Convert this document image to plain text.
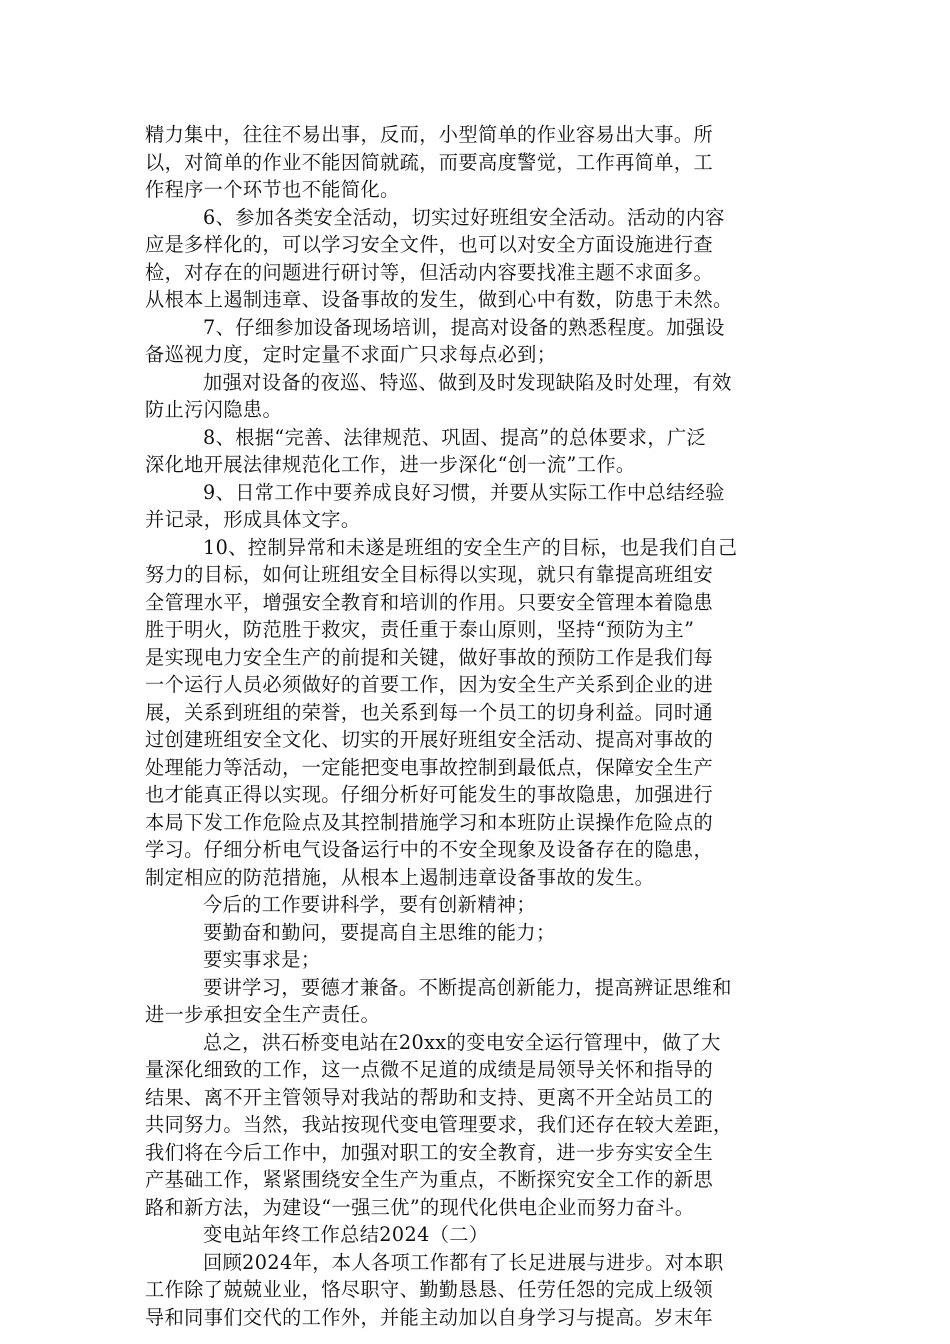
精力集中，往往不易出事，反而，小型简单的作业容易出大事。所
以，对简单的作业不能因简就疏，而要高度警觉，工作再简单，工
作程序一个环节也不能简化。
6、参加各类安全活动，切实过好班组安全活动。活动的内容
应是多样化的，可以学习安全文件，也可以对安全方面设施进行查
检，对存在的问题进行研讨等，但活动内容要找准主题不求面多。
从根本上遏制违章、设备事故的发生，做到心中有数，防患于未然。
7、仔细参加设备现场培训，提高对设备的熟悉程度。加强设
备巡视力度，定时定量不求面广只求每点必到；
加强对设备的夜巡、特巡、做到及时发现缺陷及时处理，有效
防止污闪隐患。
8、根据“完善、法律规范、巩固、提高”的总体要求，广泛
深化地开展法律规范化工作，进一步深化“创一流”工作。
9、日常工作中要养成良好习惯，并要从实际工作中总结经验
并记录，形成具体文字。
10、控制异常和未遂是班组的安全生产的目标，也是我们自己
努力的目标，如何让班组安全目标得以实现，就只有靠提高班组安
全管理水平，增强安全教育和培训的作用。只要安全管理本着隐患
胜于明火，防范胜于救灾，责任重于泰山原则，坚持“预防为主”
是实现电力安全生产的前提和关键，做好事故的预防工作是我们每
一个运行人员必须做好的首要工作，因为安全生产关系到企业的进
展，关系到班组的荣誉，也关系到每一个员工的切身利益。同时通
过创建班组安全文化、切实的开展好班组安全活动、提高对事故的
处理能力等活动，一定能把变电事故控制到最低点，保障安全生产
也才能真正得以实现。仔细分析好可能发生的事故隐患，加强进行
本局下发工作危险点及其控制措施学习和本班防止误操作危险点的
学习。仔细分析电气设备运行中的不安全现象及设备存在的隐患，
制定相应的防范措施，从根本上遏制违章设备事故的发生。
今后的工作要讲科学，要有创新精神；
要勤奋和勤问，要提高自主思维的能力；
要实事求是；
要讲学习，要德才兼备。不断提高创新能力，提高辨证思维和
进一步承担安全生产责任。
总之，洪石桥变电站在20xx的变电安全运行管理中，做了大
量深化细致的工作，这一点微不足道的成绩是局领导关怀和指导的
结果、离不开主管领导对我站的帮助和支持、更离不开全站员工的
共同努力。当然，我站按现代变电管理要求，我们还存在较大差距，
我们将在今后工作中，加强对职工的安全教育，进一步夯实安全生
产基础工作，紧紧围绕安全生产为重点，不断探究安全工作的新思
路和新方法，为建设“一强三优”的现代化供电企业而努力奋斗。
变电站年终工作总结2024（二）
回顾2024年，本人各项工作都有了长足进展与进步。对本职
工作除了兢兢业业，恪尽职守、勤勤恳恳、任劳任怨的完成上级领
导和同事们交代的工作外，并能主动加以自身学习与提高。岁末年
